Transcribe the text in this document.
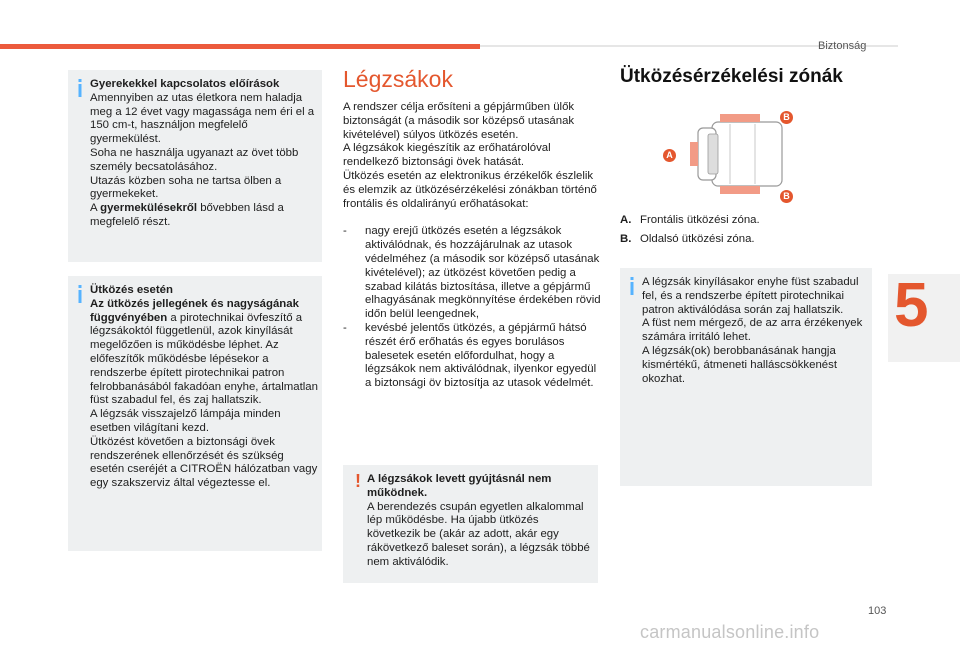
Biztonság
5

Gyerekekkel kapcsolatos előírások

Amennyiben az utas életkora nem haladja meg a 12 évet vagy magassága nem éri el a 150 cm-t, használjon megfelelő gyermekülést.

Soha ne használja ugyanazt az övet több személy becsatolásához.

Utazás közben soha ne tartsa ölben a gyermekeket.

A gyermekülésekről bővebben lásd a megfelelő részt.

Ütközés esetén

Az ütközés jellegének és nagyságának függvényében a pirotechnikai övfeszítő a légzsákoktól függetlenül, azok kinyílását megelőzően is működésbe léphet. Az előfeszítők működésbe lépésekor a rendszerbe épített pirotechnikai patron felrobbanásából fakadóan enyhe, ártalmatlan füst szabadul fel, és zaj hallatszik.

A légzsák visszajelző lámpája minden esetben világítani kezd.

Ütközést követően a biztonsági övek rendszerének ellenőrzését és szükség esetén cseréjét a CITROËN hálózatban vagy egy szakszerviz által végeztesse el.

Légzsákok

A rendszer célja erősíteni a gépjárműben ülők biztonságát (a második sor középső utasának kivételével) súlyos ütközés esetén.

A légzsákok kiegészítik az erőhatárolóval rendelkező biztonsági övek hatását.

Ütközés esetén az elektronikus érzékelők észlelik és elemzik az ütközésérzékelési zónákban történő frontális és oldalirányú erőhatásokat:

- nagy erejű ütközés esetén a légzsákok aktiválódnak, és hozzájárulnak az utasok védelméhez (a második sor középső utasának kivételével); az ütközést követően pedig a szabad kilátás biztosítása, illetve a gépjármű elhagyásának megkönnyítése érdekében rövid időn belül leengednek,
- kevésbé jelentős ütközés, a gépjármű hátsó részét érő erőhatás és egyes borulásos balesetek esetén előfordulhat, hogy a légzsákok nem aktiválódnak, ilyenkor egyedül a biztonsági öv biztosítja az utasok védelmét.
! A légzsákok levett gyújtásnál nem működnek.

A berendezés csupán egyetlen alkalommal lép működésbe. Ha újabb ütközés következik be (akár az adott, akár egy rákövetkező baleset során), a légzsák többé nem aktiválódik.

Ütközésérzékelési zónák
A
B
B
A. Frontális ütközési zóna.
B. Oldalsó ütközési zóna.

A légzsák kinyílásakor enyhe füst szabadul fel, és a rendszerbe épített pirotechnikai patron aktiválódása során zaj hallatszik.

A füst nem mérgező, de az arra érzékenyek számára irritáló lehet.

A légzsák(ok) berobbanásának hangja kismértékű, átmeneti halláscsökkenést okozhat.

103
carmanualsonline.info
